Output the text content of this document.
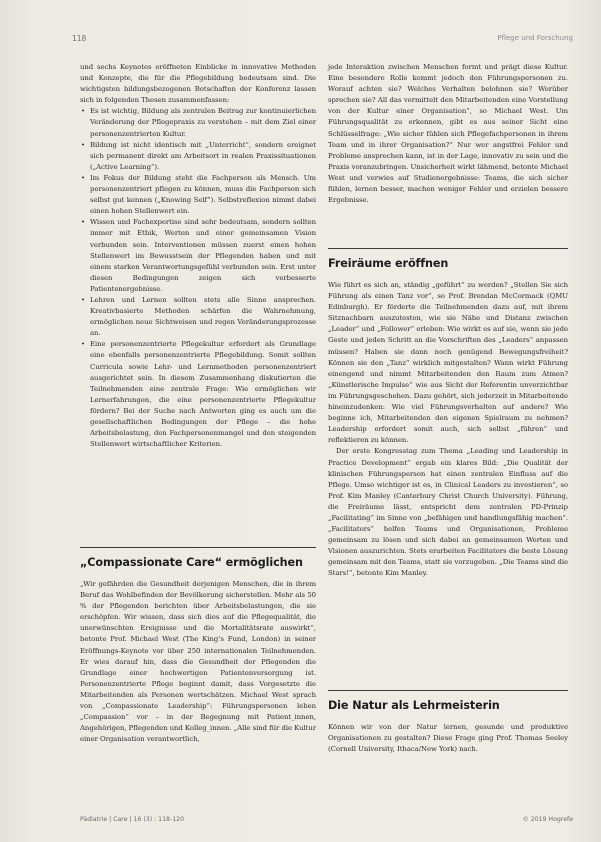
118	Pflege und Forschung

und sechs Keynotes eröffneten Einblicke in innovative Methoden und Konzepte, die für die Pflegebildung bedeutsam sind. Die wichtigsten bildungsbezogenen Botschaften der Konferenz lassen sich in folgenden Thesen zusammenfassen:

• Es ist wichtig, Bildung als zentralen Beitrag zur kontinuierlichen Veränderung der Pflegepraxis zu verstehen – mit dem Ziel einer personenzentrierten Kultur.
• Bildung ist nicht identisch mit „Unterricht“, sondern ereignet sich permanent direkt am Arbeitsort in realen Praxissituationen („Active Learning“).
• Im Fokus der Bildung steht die Fachperson als Mensch. Um personenzentriert pflegen zu können, muss die Fachperson sich selbst gut kennen („Knowing Self“). Selbstreflexion nimmt dabei einen hohen Stellenwert ein.
• Wissen und Fachexpertise sind sehr bedeutsam, sondern sollten immer mit Ethik, Werten und einer gemeinsamen Vision verbunden sein. Interventionen müssen zuerst einen hohen Stellenwert im Bewusstsein der Pflegenden haben und mit einem starken Verantwortungsgefühl verbunden sein. Erst unter diesen Bedingungen zeigen sich verbesserte Patientenergebnisse.
• Lehren und Lernen sollten stets alle Sinne ansprechen. Kreativbasierte Methoden schärfen die Wahrnehmung, ermöglichen neue Sichtweisen und regen Veränderungsprozesse an.
• Eine personenzentrierte Pflegekultur erfordert als Grundlage eine ebenfalls personenzentrierte Pflegebildung. Somit sollten Curricula sowie Lehr- und Lernmethoden personenzentriert ausgerichtet sein. In diesem Zusammenhang diskutierten die Teilnehmenden eine zentrale Frage: Wie ermöglichen wir Lernerfahrungen, die eine personenzentrierte Pflegekultur fördern? Bei der Suche nach Antworten ging es auch um die gesellschaftlichen Bedingungen der Pflege – die hohe Arbeitsbelastung, den Fachpersonenmangel und den steigenden Stellenwert wirtschaftlicher Kriterien.
„Compassionate Care“ ermöglichen

„Wir gefährden die Gesundheit derjenigen Menschen, die in ihrem Beruf das Wohlbefinden der Bevölkerung sicherstellen. Mehr als 50 % der Pflegenden berichten über Arbeitsbelastungen, die sie erschöpfen. Wir wissen, dass sich dies auf die Pflegequalität, die unerwünschten Ereignisse und die Mortalitätsrate auswirkt“, betonte Prof. Michael West (The King’s Fund, London) in seiner Eröffnungs-Keynote vor über 250 internationalen Teilnehmenden. Er wies darauf hin, dass die Gesundheit der Pflegenden die Grundlage einer hochwertigen Patientenversorgung ist. Personenzentrierte Pflege beginnt damit, dass Vorgesetzte die Mitarbeitenden als Personen wertschätzen. Michael West sprach von „Compassionate Leadership“: Führungspersonen leben „Compassion“ vor – in der Begegnung mit Patient_innen, Angehörigen, Pflegenden und Kolleg_innen. „Alle sind für die Kultur einer Organisation verantwortlich,

jede Interaktion zwischen Menschen formt und prägt diese Kultur. Eine besondere Rolle kommt jedoch den Führungspersonen zu. Worauf achten sie? Welches Verhalten belohnen sie? Worüber sprechen sie? All das vermittelt den Mitarbeitenden eine Vorstellung von der Kultur einer Organisation“, so Michael West. Um Führungsqualität zu erkennen, gibt es aus seiner Sicht eine Schlüsselfrage: „Wie sicher fühlen sich Pflegefachpersonen in ihrem Team und in ihrer Organisation?“ Nur wer angstfrei Fehler und Probleme ansprechen kann, ist in der Lage, innovativ zu sein und die Praxis voranzubringen. Unsicherheit wirkt lähmend, betonte Michael West und verwies auf Studienergebnisse: Teams, die sich sicher fühlen, lernen besser, machen weniger Fehler und erzielen bessere Ergebnisse.

Freiräume eröffnen

Wie führt es sich an, ständig „geführt“ zu werden? „Stellen Sie sich Führung als einen Tanz vor“, so Prof. Brendan McCormack (QMU Edinburgh). Er förderte die Teilnehmenden dazu auf, mit ihrem Sitznachbarn auszutesten, wie sie Nähe und Distanz zwischen „Leader“ und „Follower“ erleben: Wie wirkt es auf sie, wenn sie jede Geste und jeden Schritt an die Vorschriften des „Leaders“ anpassen müssen? Haben sie dann noch genügend Bewegungsfreiheit? Können sie den „Tanz“ wirklich mitgestalten? Wann wirkt Führung einengend und nimmt Mitarbeitenden den Raum zum Atmen? „Künstlerische Impulse“ wie aus Sicht der Referentin unverzichtbar im Führungsgeschehen. Dazu gehört, sich jederzeit in Mitarbeitende hineinzudenken: Wie viel Führungsverhalten auf andere? Wie beginne ich, Mitarbeitenden den eigenen Spielraum zu nehmen? Leadership erfordert somit auch, sich selbst „führen“ und reflektieren zu können.

Der erste Kongresstag zum Thema „Leading und Leadership in Practice Development“ ergab ein klares Bild: „Die Qualität der klinischen Führungsperson hat einen zentralen Einfluss auf die Pflege. Umso wichtiger ist es, in Clinical Leaders zu investieren“, so Prof. Kim Manley (Canterbury Christ Church University). Führung, die Freiräume lässt, entspricht dem zentralen PD-Prinzip „Facilitating“ im Sinne von „befähigen und handlungsfähig machen“. „Facilitators“ helfen Teams und Organisationen, Probleme gemeinsam zu lösen und sich dabei an gemeinsamen Werten und Visionen auszurichten. Stets erarbeiten Facilitators die beste Lösung gemeinsam mit den Teams, statt sie vorzugeben. „Die Teams sind die Stars!“, betonte Kim Manley.

Die Natur als Lehrmeisterin

Können wir von der Natur lernen, gesunde und produktive Organisationen zu gestalten? Diese Frage ging Prof. Thomas Seeley (Cornell University, Ithaca/New York) nach.

Pädiatrie | Care | 16 (3) : 118-120	© 2019 Hogrefe
